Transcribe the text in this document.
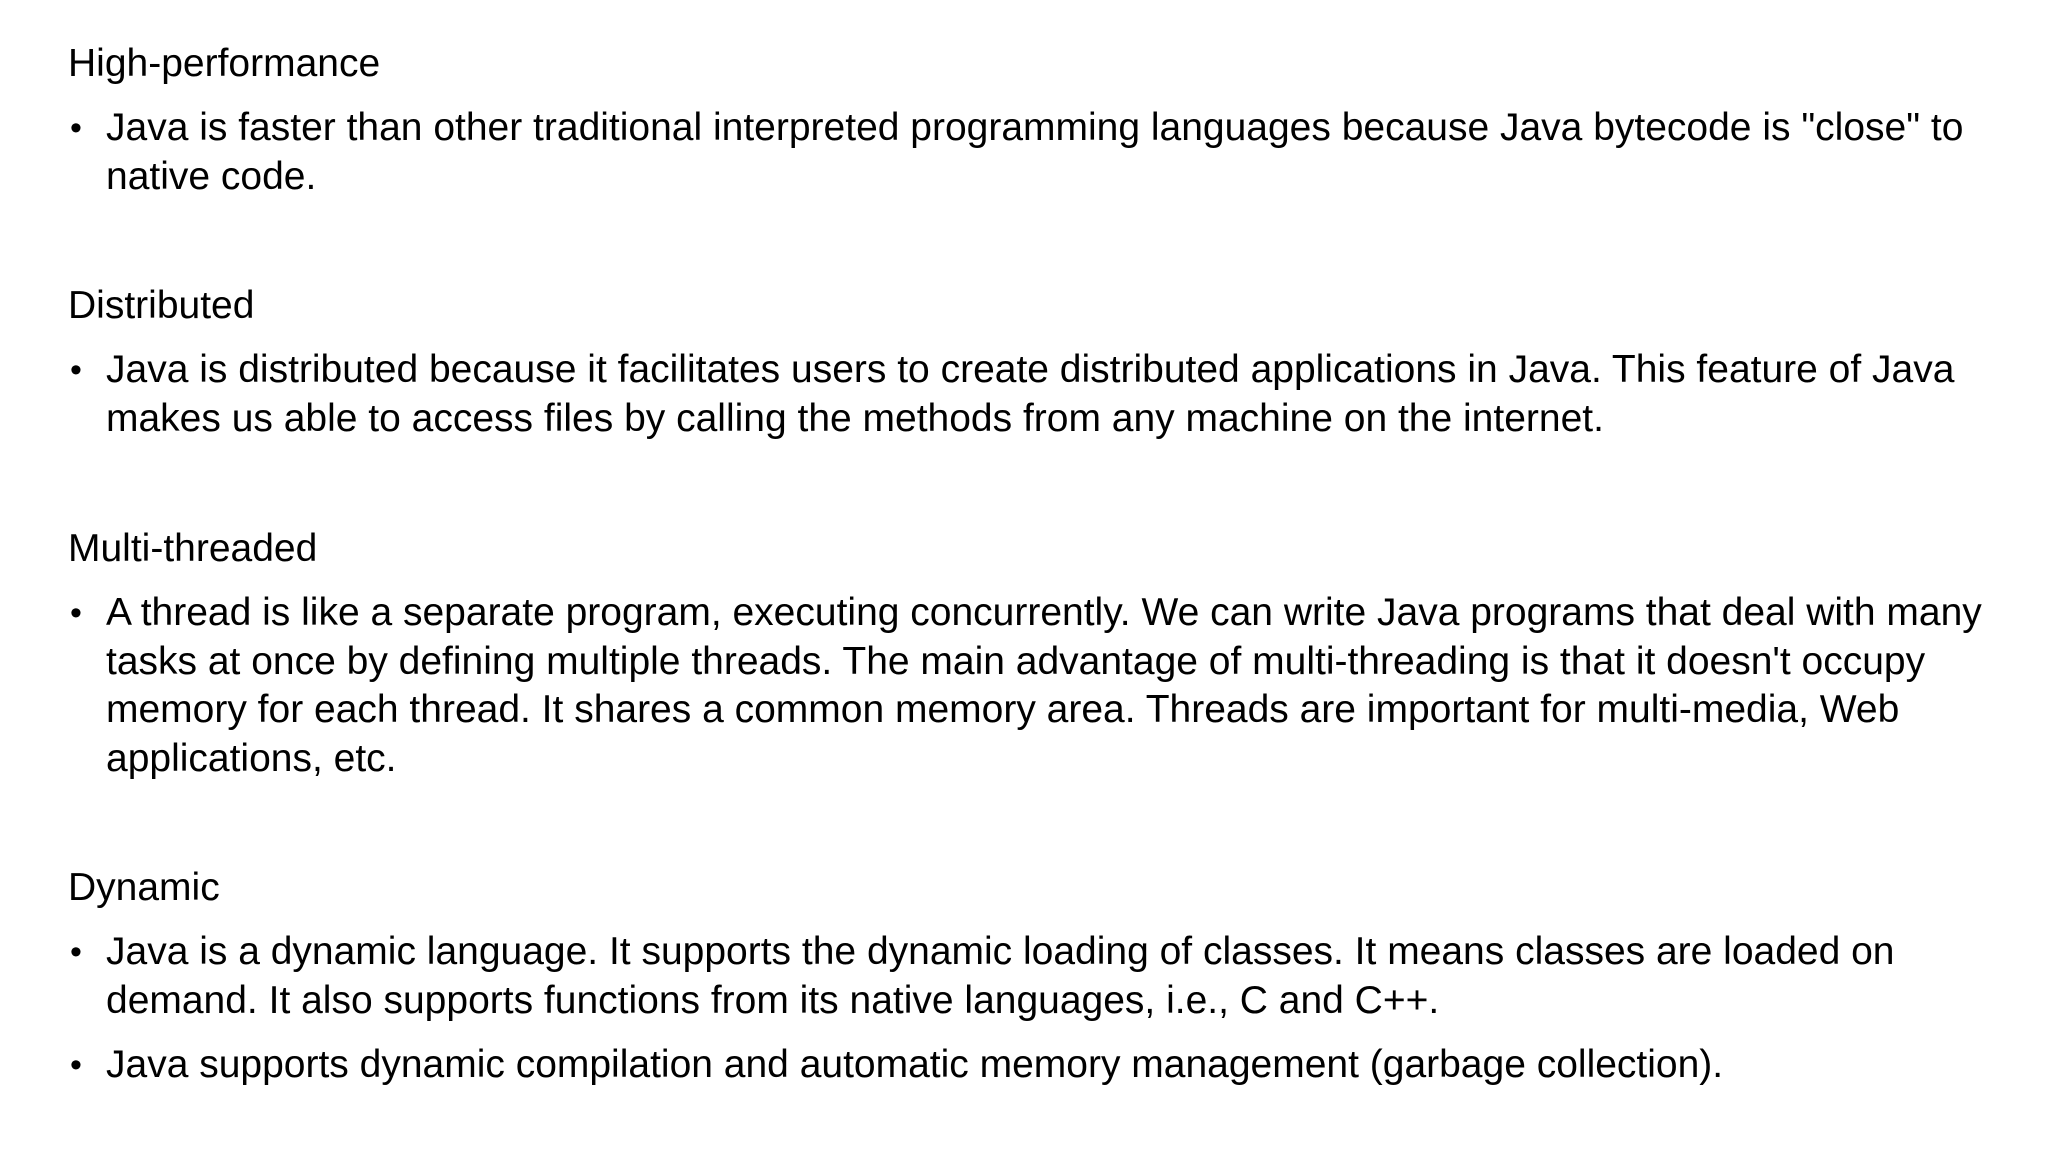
High-performance

• Java is faster than other traditional interpreted programming languages because Java bytecode is "close" to native code.

Distributed

• Java is distributed because it facilitates users to create distributed applications in Java. This feature of Java makes us able to access files by calling the methods from any machine on the internet.

Multi-threaded

• A thread is like a separate program, executing concurrently. We can write Java programs that deal with many tasks at once by defining multiple threads. The main advantage of multi-threading is that it doesn't occupy memory for each thread. It shares a common memory area. Threads are important for multi-media, Web applications, etc.

Dynamic

• Java is a dynamic language. It supports the dynamic loading of classes. It means classes are loaded on demand. It also supports functions from its native languages, i.e., C and C++.
• Java supports dynamic compilation and automatic memory management (garbage collection).
